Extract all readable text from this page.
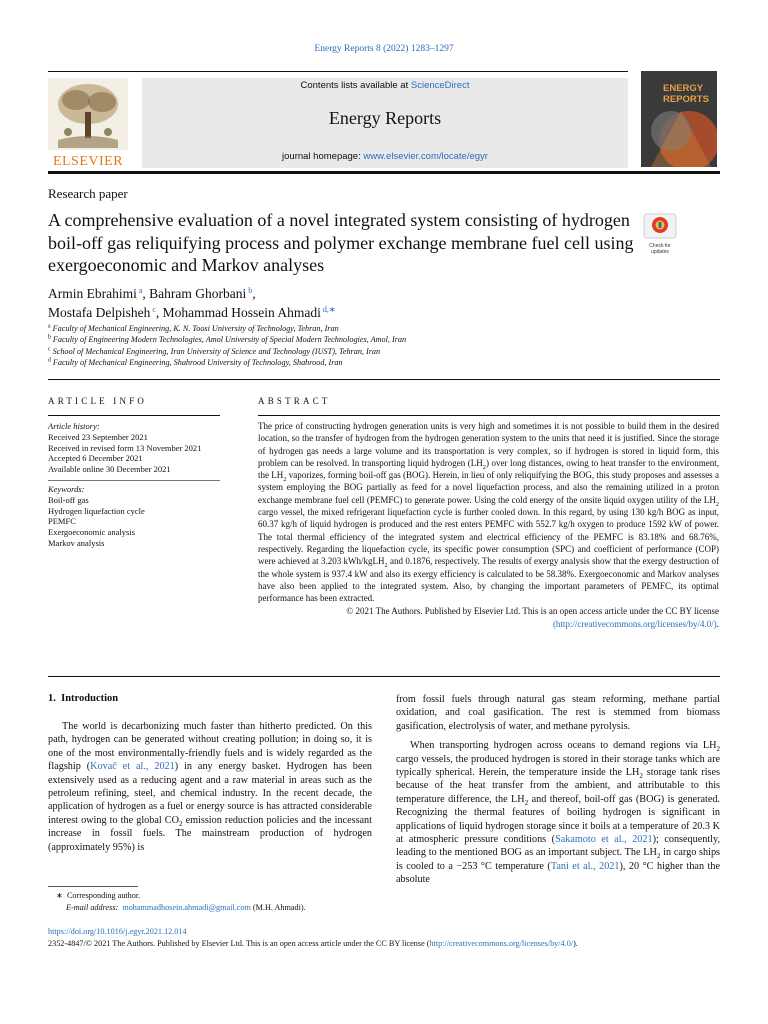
Energy Reports 8 (2022) 1283–1297
Contents lists available at ScienceDirect
Energy Reports
journal homepage: www.elsevier.com/locate/egyr
ELSEVIER
ENERGY
REPORTS
Research paper
A comprehensive evaluation of a novel integrated system consisting of hydrogen boil-off gas reliquifying process and polymer exchange membrane fuel cell using exergoeconomic and Markov analyses
Check for
updates
Armin Ebrahimi $^a$, Bahram Ghorbani $^b$,
Mostafa Delpisheh $^c$, Mohammad Hossein Ahmadi $^{d,∗}$
$^a$ Faculty of Mechanical Engineering, K. N. Toosi University of Technology, Tehran, Iran
$^b$ Faculty of Engineering Modern Technologies, Amol University of Special Modern Technologies, Amol, Iran
$^c$ School of Mechanical Engineering, Iran University of Science and Technology (IUST), Tehran, Iran
$^d$ Faculty of Mechanical Engineering, Shahrood University of Technology, Shahrood, Iran
ARTICLE INFO
Article history:
Received 23 September 2021
Received in revised form 13 November 2021
Accepted 6 December 2021
Available online 30 December 2021
Keywords:
Boil-off gas
Hydrogen liquefaction cycle
PEMFC
Exergoeconomic analysis
Markov analysis
ABSTRACT
The price of constructing hydrogen generation units is very high and sometimes it is not possible to build them in the desired location, so the transfer of hydrogen from the hydrogen generation system to the units that need it is justified. Since the storage of hydrogen gas needs a large volume and its transportation is very complex, so if hydrogen is stored in liquid form, this problem can be resolved. In transporting liquid hydrogen $(LH_2)$ over long distances, owing to heat transfer to the environment, the $LH_2$ vaporizes, forming boil-off gas (BOG). Herein, in lieu of only reliquifying the BOG, this study proposes and assesses a system employing the BOG partially as feed for a novel liquefaction process, and also the remaining utilized in a proton exchange membrane fuel cell (PEMFC) to generate power. Using the cold energy of the onsite liquid oxygen utility of the $LH_2$ cargo vessel, the mixed refrigerant liquefaction cycle is further cooled down. In this regard, by using 130 kg/h BOG as input, 60.37 kg/h of liquid hydrogen is produced and the rest enters PEMFC with 552.7 kg/h oxygen to produce 1592 kW of power. The total thermal efficiency of the integrated system and electrical efficiency of the PEMFC is 83.18% and 68.76%, respectively. Regarding the liquefaction cycle, its specific power consumption (SPC) and coefficient of performance (COP) were achieved at 3.203 kWh/kgLH$_2$ and 0.1876, respectively. The results of exergy analysis show that the exergy destruction of the whole system is 937.4 kW and also its exergy efficiency is calculated to be 58.38%. Exergoeconomic and Markov analyses have also been applied to the integrated system. Also, by changing the important parameters of PEMFC, its optimal performance has been extracted.
© 2021 The Authors. Published by Elsevier Ltd. This is an open access article under the CC BY license
(http://creativecommons.org/licenses/by/4.0/).
1. Introduction

The world is decarbonizing much faster than hitherto predicted. On this path, hydrogen can be generated without creating pollution; in doing so, it is one of the most environmentally-friendly fuels and is widely regarded as the flagship (Kovač et al., 2021) in any energy basket. Hydrogen has been extensively used as a reducing agent and a raw material in areas such as the petroleum refining, steel, and chemical industry. In the recent decade, the application of hydrogen as a fuel or energy source is has attracted considerable interest owing to the global $CO_2$ emission reduction policies and the incessant increase in fossil fuels. The mainstream production of hydrogen (approximately 95%) is

∗ Corresponding author.
E-mail address: mohammadhosein.ahmadi@gmail.com (M.H. Ahmadi).

from fossil fuels through natural gas steam reforming, methane partial oxidation, and coal gasification. The rest is stemmed from biomass gasification, electrolysis of water, and methane pyrolysis.

When transporting hydrogen across oceans to demand regions via $LH_2$ cargo vessels, the produced hydrogen is stored in their storage tanks which are typically spherical. Herein, the temperature inside the $LH_2$ storage tank rises because of the heat transfer from the ambient, and attributable to this temperature difference, the $LH_2$ and thereof, boil-off gas (BOG) is generated. Recognizing the thermal features of boiling hydrogen is significant in applications of liquid hydrogen storage since it boils at a temperature of 20.3 K at atmospheric pressure conditions (Sakamoto et al., 2021); consequently, leading to the mentioned BOG as an important subject. The $LH_2$ in cargo ships is cooled to a −253 °C temperature (Tani et al., 2021), 20 °C higher than the absolute

https://doi.org/10.1016/j.egyr.2021.12.014
2352-4847/© 2021 The Authors. Published by Elsevier Ltd. This is an open access article under the CC BY license (http://creativecommons.org/licenses/by/4.0/).
